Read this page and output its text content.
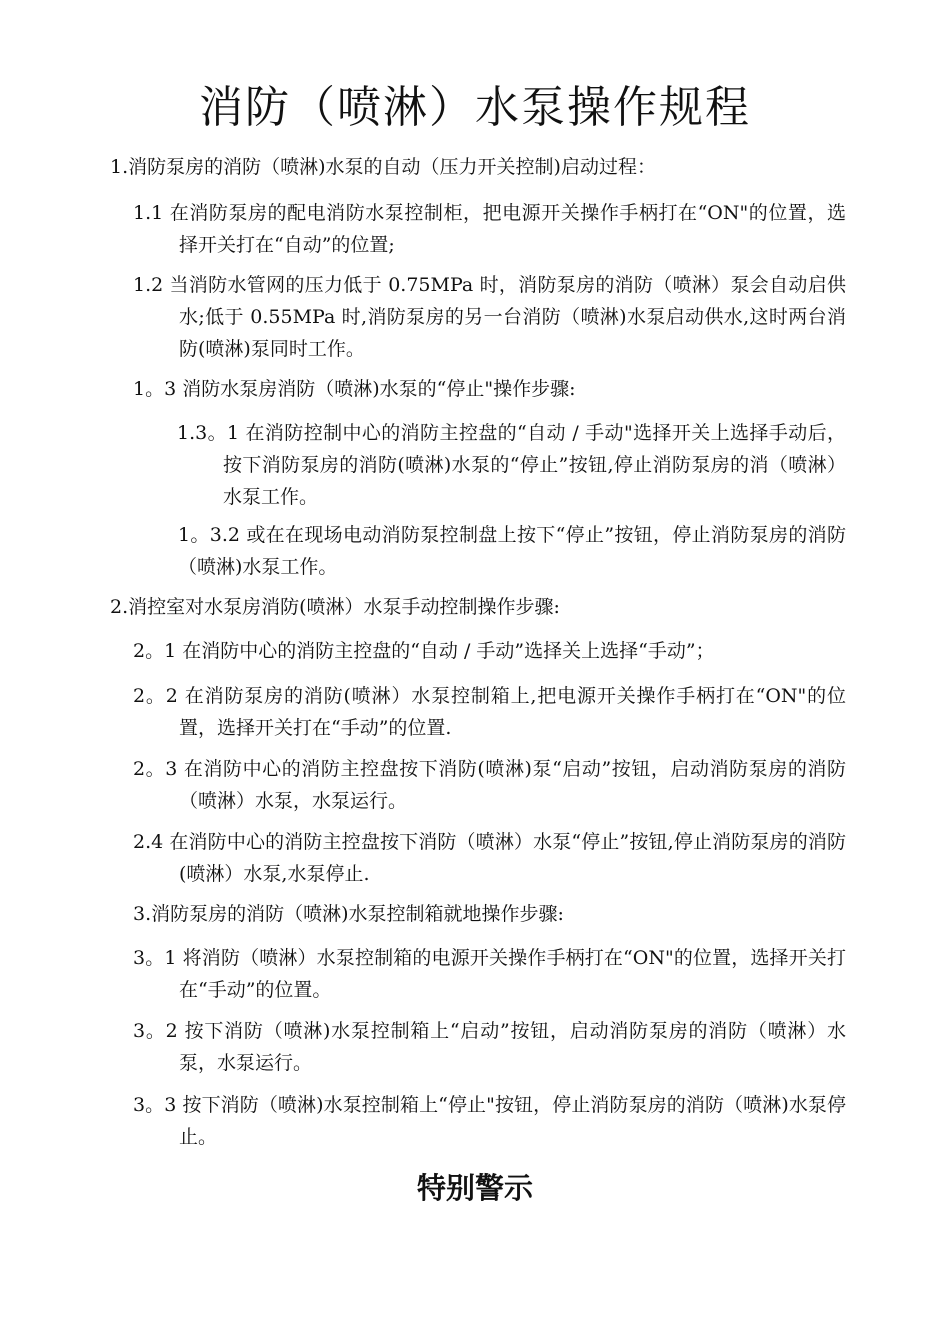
消防（喷淋）水泵操作规程

1.消防泵房的消防（喷淋)水泵的自动（压力开关控制)启动过程：

1.1 在消防泵房的配电消防水泵控制柜，把电源开关操作手柄打在“ON"的位置，选择开关打在“自动”的位置;

1.2 当消防水管网的压力低于 0.75MPa 时，消防泵房的消防（喷淋）泵会自动启供水;低于 0.55MPa 时,消防泵房的另一台消防（喷淋)水泵启动供水,这时两台消防(喷淋)泵同时工作。

1。3 消防水泵房消防（喷淋)水泵的“停止"操作步骤:

1.3。1 在消防控制中心的消防主控盘的“自动 / 手动"选择开关上选择手动后，按下消防泵房的消防(喷淋)水泵的“停止”按钮,停止消防泵房的消（喷淋）水泵工作。

1。3.2 或在在现场电动消防泵控制盘上按下“停止”按钮，停止消防泵房的消防（喷淋)水泵工作。

2.消控室对水泵房消防(喷淋）水泵手动控制操作步骤:

2。1 在消防中心的消防主控盘的“自动 / 手动”选择关上选择“手动”；

2。2 在消防泵房的消防(喷淋）水泵控制箱上,把电源开关操作手柄打在“ON"的位置，选择开关打在“手动”的位置.

2。3 在消防中心的消防主控盘按下消防(喷淋)泵“启动”按钮，启动消防泵房的消防（喷淋）水泵，水泵运行。

2.4 在消防中心的消防主控盘按下消防（喷淋）水泵“停止”按钮,停止消防泵房的消防(喷淋）水泵,水泵停止.

3.消防泵房的消防（喷淋)水泵控制箱就地操作步骤:

3。1 将消防（喷淋）水泵控制箱的电源开关操作手柄打在“ON"的位置，选择开关打在“手动”的位置。

3。2 按下消防（喷淋)水泵控制箱上“启动”按钮，启动消防泵房的消防（喷淋）水泵，水泵运行。

3。3 按下消防（喷淋)水泵控制箱上“停止"按钮，停止消防泵房的消防（喷淋)水泵停止。

特别警示
